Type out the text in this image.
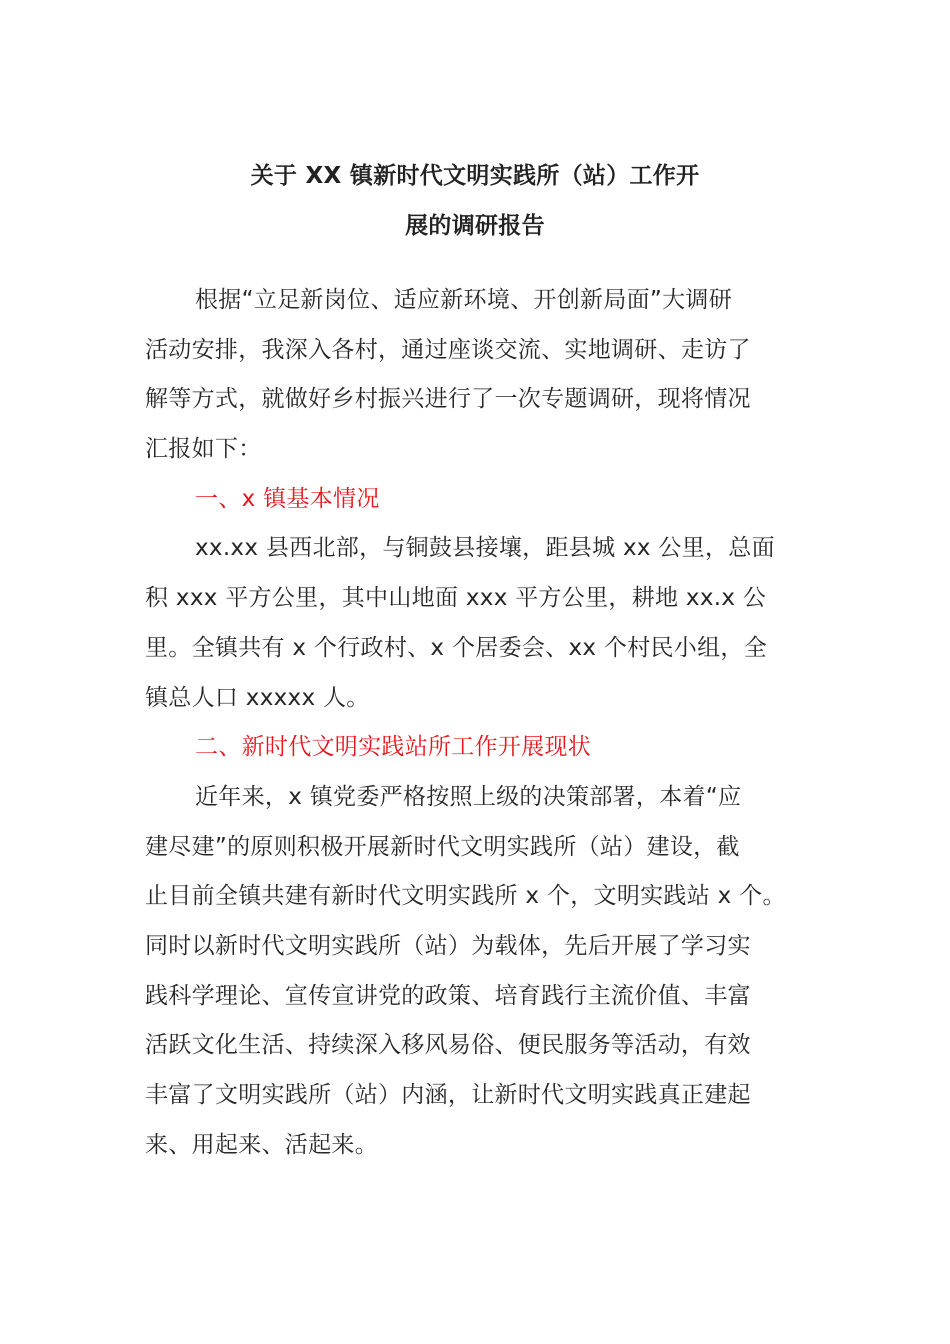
关于 XX 镇新时代文明实践所（站）工作开
展的调研报告
根据“立足新岗位、适应新环境、开创新局面”大调研
活动安排，我深入各村，通过座谈交流、实地调研、走访了
解等方式，就做好乡村振兴进行了一次专题调研，现将情况
汇报如下：
一、x 镇基本情况
xx.xx 县西北部，与铜鼓县接壤，距县城 xx 公里，总面
积 xxx 平方公里，其中山地面 xxx 平方公里，耕地 xx.x 公
里。全镇共有 x 个行政村、x 个居委会、xx 个村民小组，全
镇总人口 xxxxx 人。
二、新时代文明实践站所工作开展现状
近年来，x 镇党委严格按照上级的决策部署，本着“应
建尽建”的原则积极开展新时代文明实践所（站）建设，截
止目前全镇共建有新时代文明实践所 x 个，文明实践站 x 个。
同时以新时代文明实践所（站）为载体，先后开展了学习实
践科学理论、宣传宣讲党的政策、培育践行主流价值、丰富
活跃文化生活、持续深入移风易俗、便民服务等活动，有效
丰富了文明实践所（站）内涵，让新时代文明实践真正建起
来、用起来、活起来。
